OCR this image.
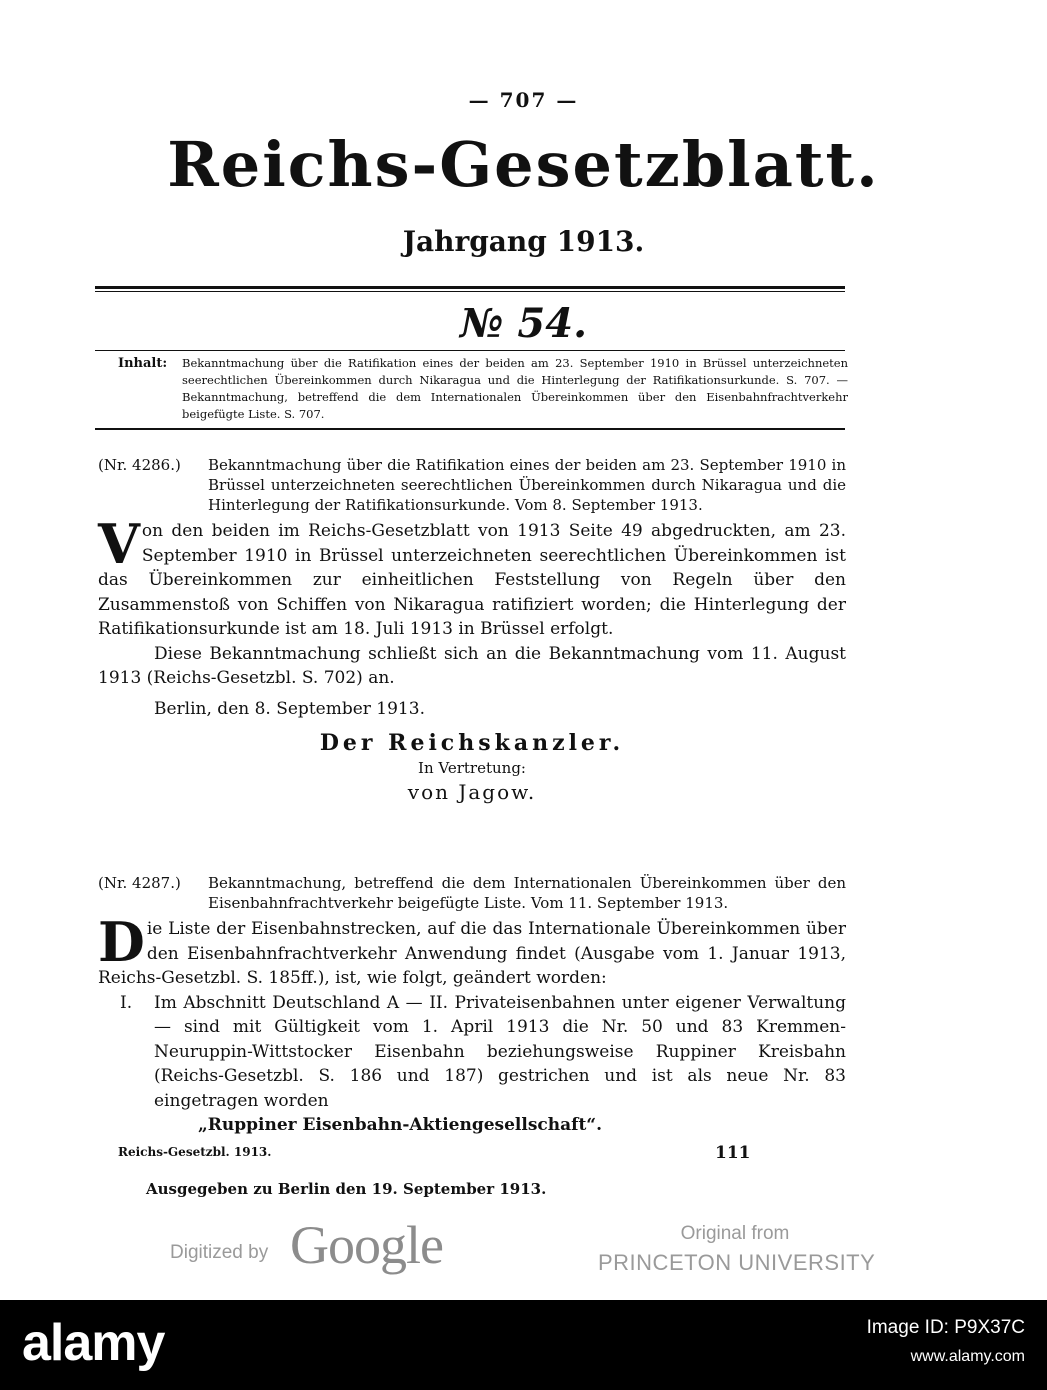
— 707 —
Reichs-Gesetzblatt.
Jahrgang 1913.
№ 54.
Inhalt: Bekanntmachung über die Ratifikation eines der beiden am 23. September 1910 in Brüssel unterzeichneten seerechtlichen Übereinkommen durch Nikaragua und die Hinterlegung der Ratifikationsurkunde. S. 707. — Bekanntmachung, betreffend die dem Internationalen Übereinkommen über den Eisenbahnfrachtverkehr beigefügte Liste. S. 707.
(Nr. 4286.)	Bekanntmachung über die Ratifikation eines der beiden am 23. September 1910 in Brüssel unterzeichneten seerechtlichen Übereinkommen durch Nikaragua und die Hinterlegung der Ratifikationsurkunde. Vom 8. September 1913.
Von den beiden im Reichs-Gesetzblatt von 1913 Seite 49 abgedruckten, am 23. September 1910 in Brüssel unterzeichneten seerechtlichen Übereinkommen ist das Übereinkommen zur einheitlichen Feststellung von Regeln über den Zusammenstoß von Schiffen von Nikaragua ratifiziert worden; die Hinterlegung der Ratifikationsurkunde ist am 18. Juli 1913 in Brüssel erfolgt.
Diese Bekanntmachung schließt sich an die Bekanntmachung vom 11. August 1913 (Reichs-Gesetzbl. S. 702) an.
Berlin, den 8. September 1913.
Der Reichskanzler.
In Vertretung:
von Jagow.
(Nr. 4287.)	Bekanntmachung, betreffend die dem Internationalen Übereinkommen über den Eisenbahnfrachtverkehr beigefügte Liste. Vom 11. September 1913.
Die Liste der Eisenbahnstrecken, auf die das Internationale Übereinkommen über den Eisenbahnfrachtverkehr Anwendung findet (Ausgabe vom 1. Januar 1913, Reichs-Gesetzbl. S. 185ff.), ist, wie folgt, geändert worden:
I.	Im Abschnitt Deutschland A — II. Privateisenbahnen unter eigener Verwaltung — sind mit Gültigkeit vom 1. April 1913 die Nr. 50 und 83 Kremmen-Neuruppin-Wittstocker Eisenbahn beziehungsweise Ruppiner Kreisbahn (Reichs-Gesetzbl. S. 186 und 187) gestrichen und ist als neue Nr. 83 eingetragen worden
„Ruppiner Eisenbahn-Aktiengesellschaft“.
Reichs-Gesetzbl. 1913.	111
Ausgegeben zu Berlin den 19. September 1913.
Digitized by Google	Original from
PRINCETON UNIVERSITY
alamy	Image ID: P9X37C
www.alamy.com
